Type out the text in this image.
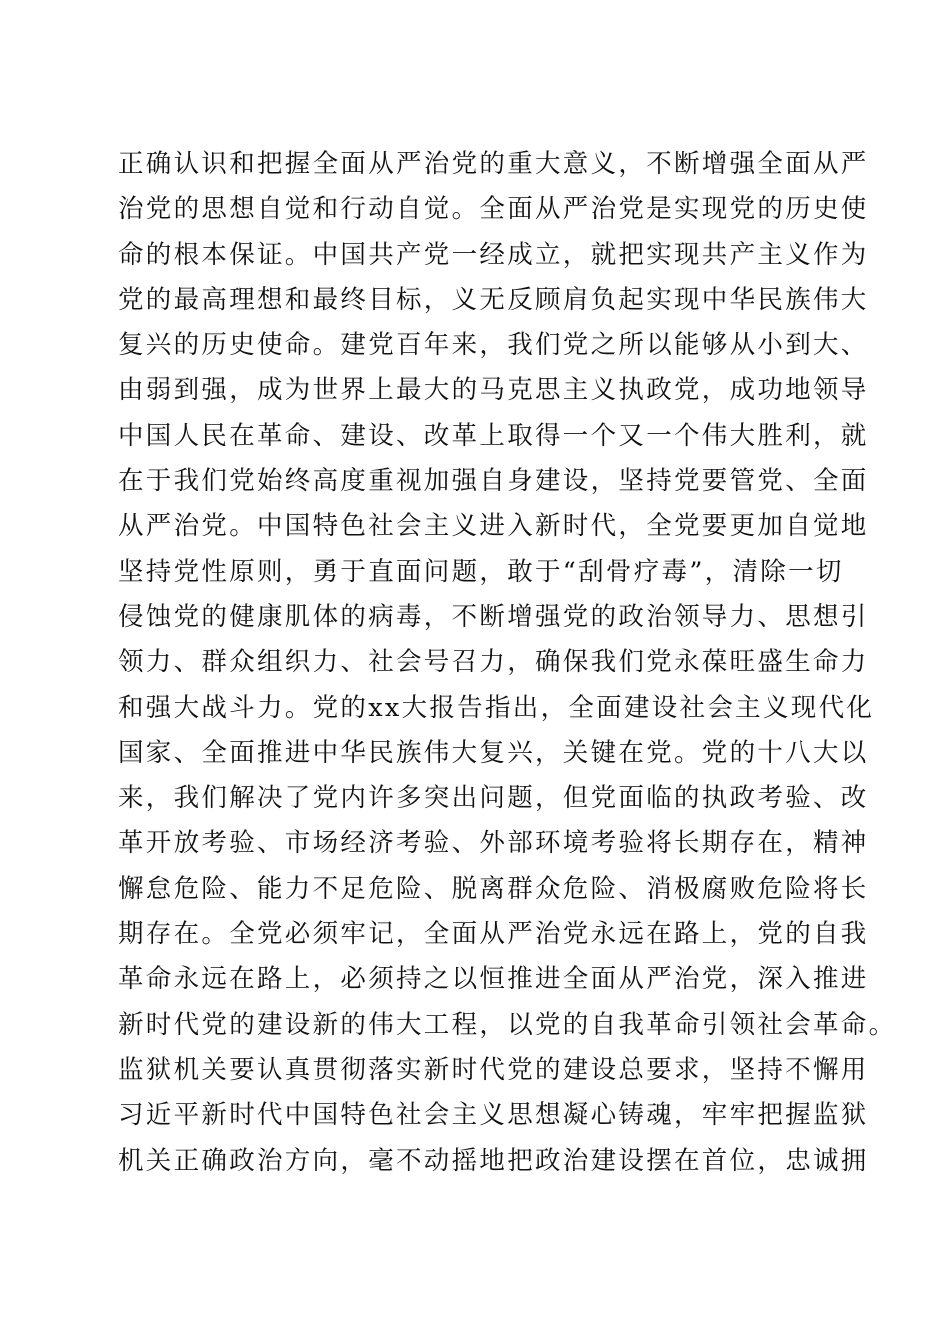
正确认识和把握全面从严治党的重大意义，不断增强全面从严

治党的思想自觉和行动自觉。全面从严治党是实现党的历史使

命的根本保证。中国共产党一经成立，就把实现共产主义作为

党的最高理想和最终目标，义无反顾肩负起实现中华民族伟大

复兴的历史使命。建党百年来，我们党之所以能够从小到大、

由弱到强，成为世界上最大的马克思主义执政党，成功地领导

中国人民在革命、建设、改革上取得一个又一个伟大胜利，就

在于我们党始终高度重视加强自身建设，坚持党要管党、全面

从严治党。中国特色社会主义进入新时代，全党要更加自觉地

坚持党性原则，勇于直面问题，敢于“刮骨疗毒”，清除一切

侵蚀党的健康肌体的病毒，不断增强党的政治领导力、思想引

领力、群众组织力、社会号召力，确保我们党永葆旺盛生命力

和强大战斗力。党的xx大报告指出，全面建设社会主义现代化

国家、全面推进中华民族伟大复兴，关键在党。党的十八大以

来，我们解决了党内许多突出问题，但党面临的执政考验、改

革开放考验、市场经济考验、外部环境考验将长期存在，精神

懈怠危险、能力不足危险、脱离群众危险、消极腐败危险将长

期存在。全党必须牢记，全面从严治党永远在路上，党的自我

革命永远在路上，必须持之以恒推进全面从严治党，深入推进

新时代党的建设新的伟大工程，以党的自我革命引领社会革命。

监狱机关要认真贯彻落实新时代党的建设总要求，坚持不懈用

习近平新时代中国特色社会主义思想凝心铸魂，牢牢把握监狱

机关正确政治方向，毫不动摇地把政治建设摆在首位，忠诚拥
